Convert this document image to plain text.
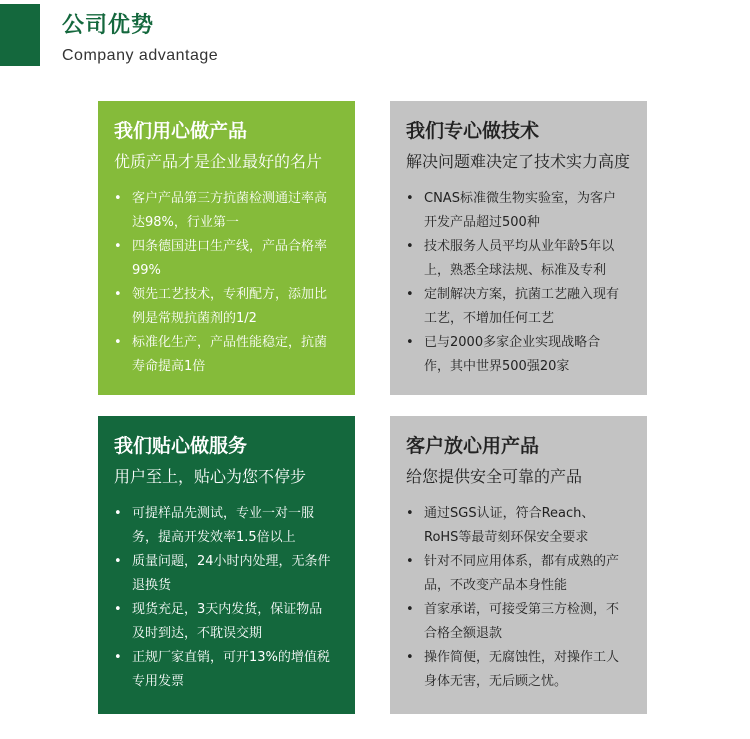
公司优势
Company advantage
我们用心做产品
优质产品才是企业最好的名片
• 客户产品第三方抗菌检测通过率高达98%，行业第一
• 四条德国进口生产线，产品合格率99%
• 领先工艺技术，专利配方，添加比例是常规抗菌剂的1/2
• 标准化生产，产品性能稳定，抗菌寿命提高1倍
我们专心做技术
解决问题难决定了技术实力高度
• CNAS标准微生物实验室，为客户开发产品超过500种
• 技术服务人员平均从业年龄5年以上，熟悉全球法规、标准及专利
• 定制解决方案，抗菌工艺融入现有工艺，不增加任何工艺
• 已与2000多家企业实现战略合作，其中世界500强20家
我们贴心做服务
用户至上，贴心为您不停步
• 可提样品先测试，专业一对一服务，提高开发效率1.5倍以上
• 质量问题，24小时内处理，无条件退换货
• 现货充足，3天内发货，保证物品及时到达，不耽误交期
• 正规厂家直销，可开13%的增值税专用发票
客户放心用产品
给您提供安全可靠的产品
• 通过SGS认证，符合Reach、RoHS等最苛刻环保安全要求
• 针对不同应用体系，都有成熟的产品，不改变产品本身性能
• 首家承诺，可接受第三方检测，不合格全额退款
• 操作简便，无腐蚀性，对操作工人身体无害，无后顾之忧。
